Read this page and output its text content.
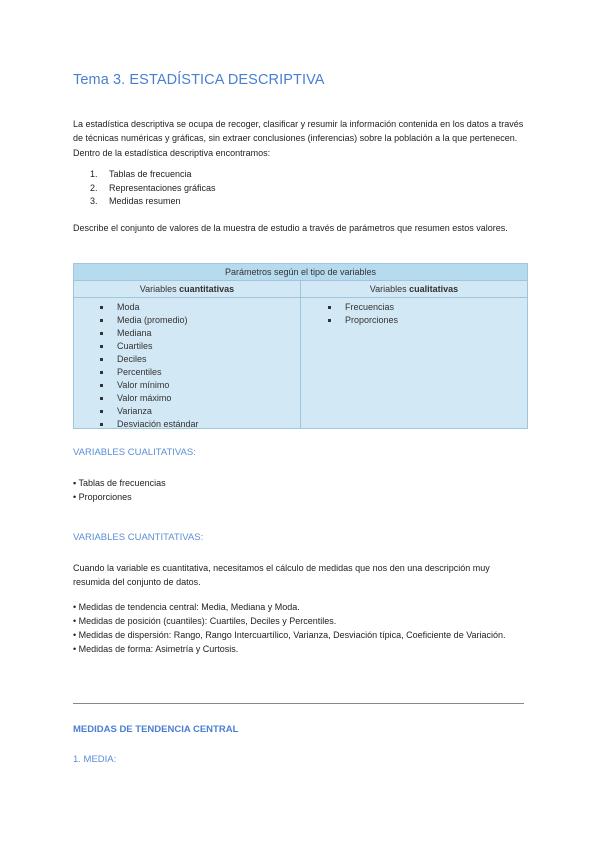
Tema 3. ESTADÍSTICA DESCRIPTIVA

La estadística descriptiva se ocupa de recoger, clasificar y resumir la información contenida en los datos a través de técnicas numéricas y gráficas, sin extraer conclusiones (inferencias) sobre la población a la que pertenecen. Dentro de la estadística descriptiva encontramos:

1. Tablas de frecuencia
2. Representaciones gráficas
3. Medidas resumen

Describe el conjunto de valores de la muestra de estudio a través de parámetros que resumen estos valores.

Parámetros según el tipo de variables
Variables cuantitativas	Variables cualitativas
Moda
Media (promedio)
Mediana
Cuartiles
Deciles
Percentiles
Valor mínimo
Valor máximo
Varianza
Desviación estándar
Frecuencias
Proporciones
VARIABLES CUALITATIVAS:
▪ Tablas de frecuencias
• Proporciones
VARIABLES CUANTITATIVAS:

Cuando la variable es cuantitativa, necesitamos el cálculo de medidas que nos den una descripción muy resumida del conjunto de datos.

• Medidas de tendencia central: Media, Mediana y Moda.
• Medidas de posición (cuantiles): Cuartiles, Deciles y Percentiles.
• Medidas de dispersión: Rango, Rango Intercuartílico, Varianza, Desviación típica, Coeficiente de Variación.
• Medidas de forma: Asimetría y Curtosis.
MEDIDAS DE TENDENCIA CENTRAL
1. MEDIA:
